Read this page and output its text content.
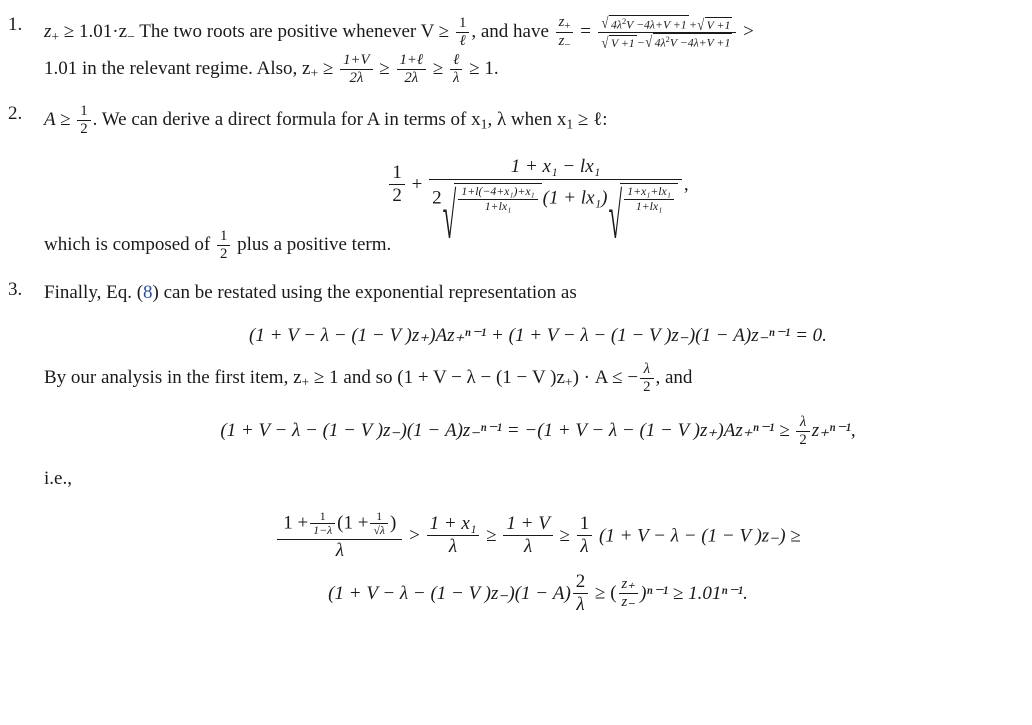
1. $z_+ \ge 1.01\cdot z_-$ The two roots are positive whenever $V \ge \frac{1}{\text{ℓ}}$ , and have $\frac{z_+}{z_-}$ = √ $4\lambda^2V -4\lambda+V +1$ + √ V +1
√ V +1 − √ $4\lambda^2V -4\lambda+V +1$ >
1.01 in the relevant regime. Also, $z_+ \ge \frac{1+V}{2\lambda} \ge \frac{\text{1+ℓ}}{2\lambda} \ge \frac{\text{ℓ}}{\lambda} \ge 1$.
2. $A \ge \frac{1}{2}$ . We can derive a direct formula for A in terms of $x_1$, λ when $x_1$ ≥ ℓ:
$\frac{1}{2} + \frac{\text{1 + x₁ − lx₁}}{2 √ \frac{\text{1+l(−4+x₁)+x₁}}{\text{1+lx₁}} (1 + lx_1) √ \frac{\text{1+x₁+lx₁}}{\text{1+lx₁}}}$ ,
which is composed of $\frac{1}{2}$ plus a positive term.
3. Finally, Eq. (8) can be restated using the exponential representation as
(1 + V − λ − (1 − V )z₊)Az₊ⁿ⁻¹ + (1 + V − λ − (1 − V )z₋)(1 − A)z₋ⁿ⁻¹ = 0.
By our analysis in the first item, $z_+ \ge 1$ and so (1 + V − λ − (1 − V )$z_+) \cdot A$ ≤ − $\frac{\lambda}{2}$ , and
(1 + V − λ − (1 − V )z₋)(1 − A)z₋ⁿ⁻¹ = −(1 + V − λ − (1 − V )$z_+)Az_+^{n-1} \ge \frac{\lambda}{2} z_+^{n-1}$,
i.e.,
$\frac{1 + \frac{1}{1-\lambda} (1 + \frac{1}{√\lambda} )}{\lambda} > \frac{\text{1 + x₁}}{\lambda} \ge \frac{1 + V}{\lambda} \ge \frac{1}{\lambda} (1 + V - \lambda - (1 - V$ )z₋) ≥
(1 + V − λ − (1 − V )$z_-)(1 - A) \frac{2}{\lambda}$ ≥ ( $\frac{z_+}{z_-} )^{n-1} \ge 1.01^{n-1}$.
